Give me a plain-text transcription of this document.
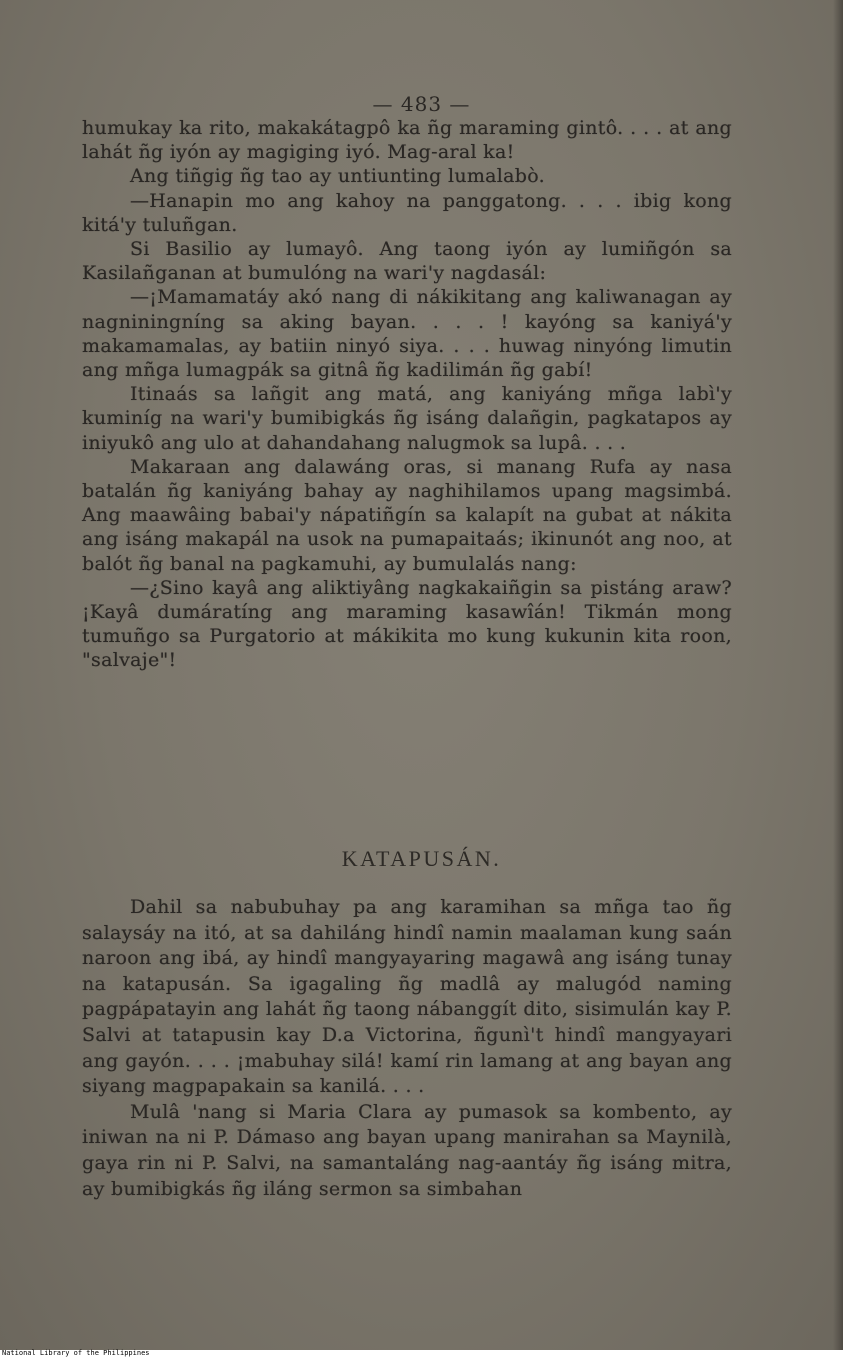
— 483 —

humukay ka rito, makakátagpô ka ñg maraming gintô. . . . at ang lahát ñg iyón ay magiging iyó. Mag-aral ka!

Ang tiñgig ñg tao ay untiunting lumalabò.

—Hanapin mo ang kahoy na panggatong. . . . ibig kong kitá'y tuluñgan.

Si Basilio ay lumayô. Ang taong iyón ay lumiñgón sa Kasilañganan at bumulóng na wari'y nagdasál:

—¡Mamamatáy akó nang di nákikitang ang kaliwanagan ay nagniningníng sa aking bayan. . . . ! kayóng sa kaniyá'y makamamalas, ay batiin ninyó siya. . . . huwag ninyóng limutin ang mñga lumagpák sa gitnâ ñg kadilimán ñg gabí!

Itinaás sa lañgit ang matá, ang kaniyáng mñga labì'y kuminíg na wari'y bumibigkás ñg isáng dalañgin, pagkatapos ay iniyukô ang ulo at dahandahang nalugmok sa lupâ. . . .

Makaraan ang dalawáng oras, si manang Rufa ay nasa batalán ñg kaniyáng bahay ay naghihilamos upang magsimbá. Ang maawâing babai'y nápatiñgín sa kalapít na gubat at nákita ang isáng makapál na usok na pumapaitaás; ikinunót ang noo, at balót ñg banal na pagkamuhi, ay bumulalás nang:

—¿Sino kayâ ang aliktiyâng nagkakaiñgin sa pistáng araw? ¡Kayâ dumáratíng ang maraming kasawîán! Tikmán mong tumuñgo sa Purgatorio at mákikita mo kung kukunin kita roon, "salvaje"!

KATAPUSÁN.

Dahil sa nabubuhay pa ang karamihan sa mñga tao ñg salaysáy na itó, at sa dahiláng hindî namin maalaman kung saán naroon ang ibá, ay hindî mangyayaring magawâ ang isáng tunay na katapusán. Sa igagaling ñg madlâ ay malugód naming pagpápatayin ang lahát ñg taong nábanggít dito, sisimulán kay P. Salvi at tatapusin kay D.a Victorina, ñgunì't hindî mangyayari ang gayón. . . . ¡mabuhay silá! kamí rin lamang at ang bayan ang siyang magpapakain sa kanilá. . . .

Mulâ 'nang si Maria Clara ay pumasok sa kombento, ay iniwan na ni P. Dámaso ang bayan upang manirahan sa Maynilà, gaya rin ni P. Salvi, na samantaláng nag-aantáy ñg isáng mitra, ay bumibigkás ñg iláng sermon sa simbahan

National Library of the Philippines
